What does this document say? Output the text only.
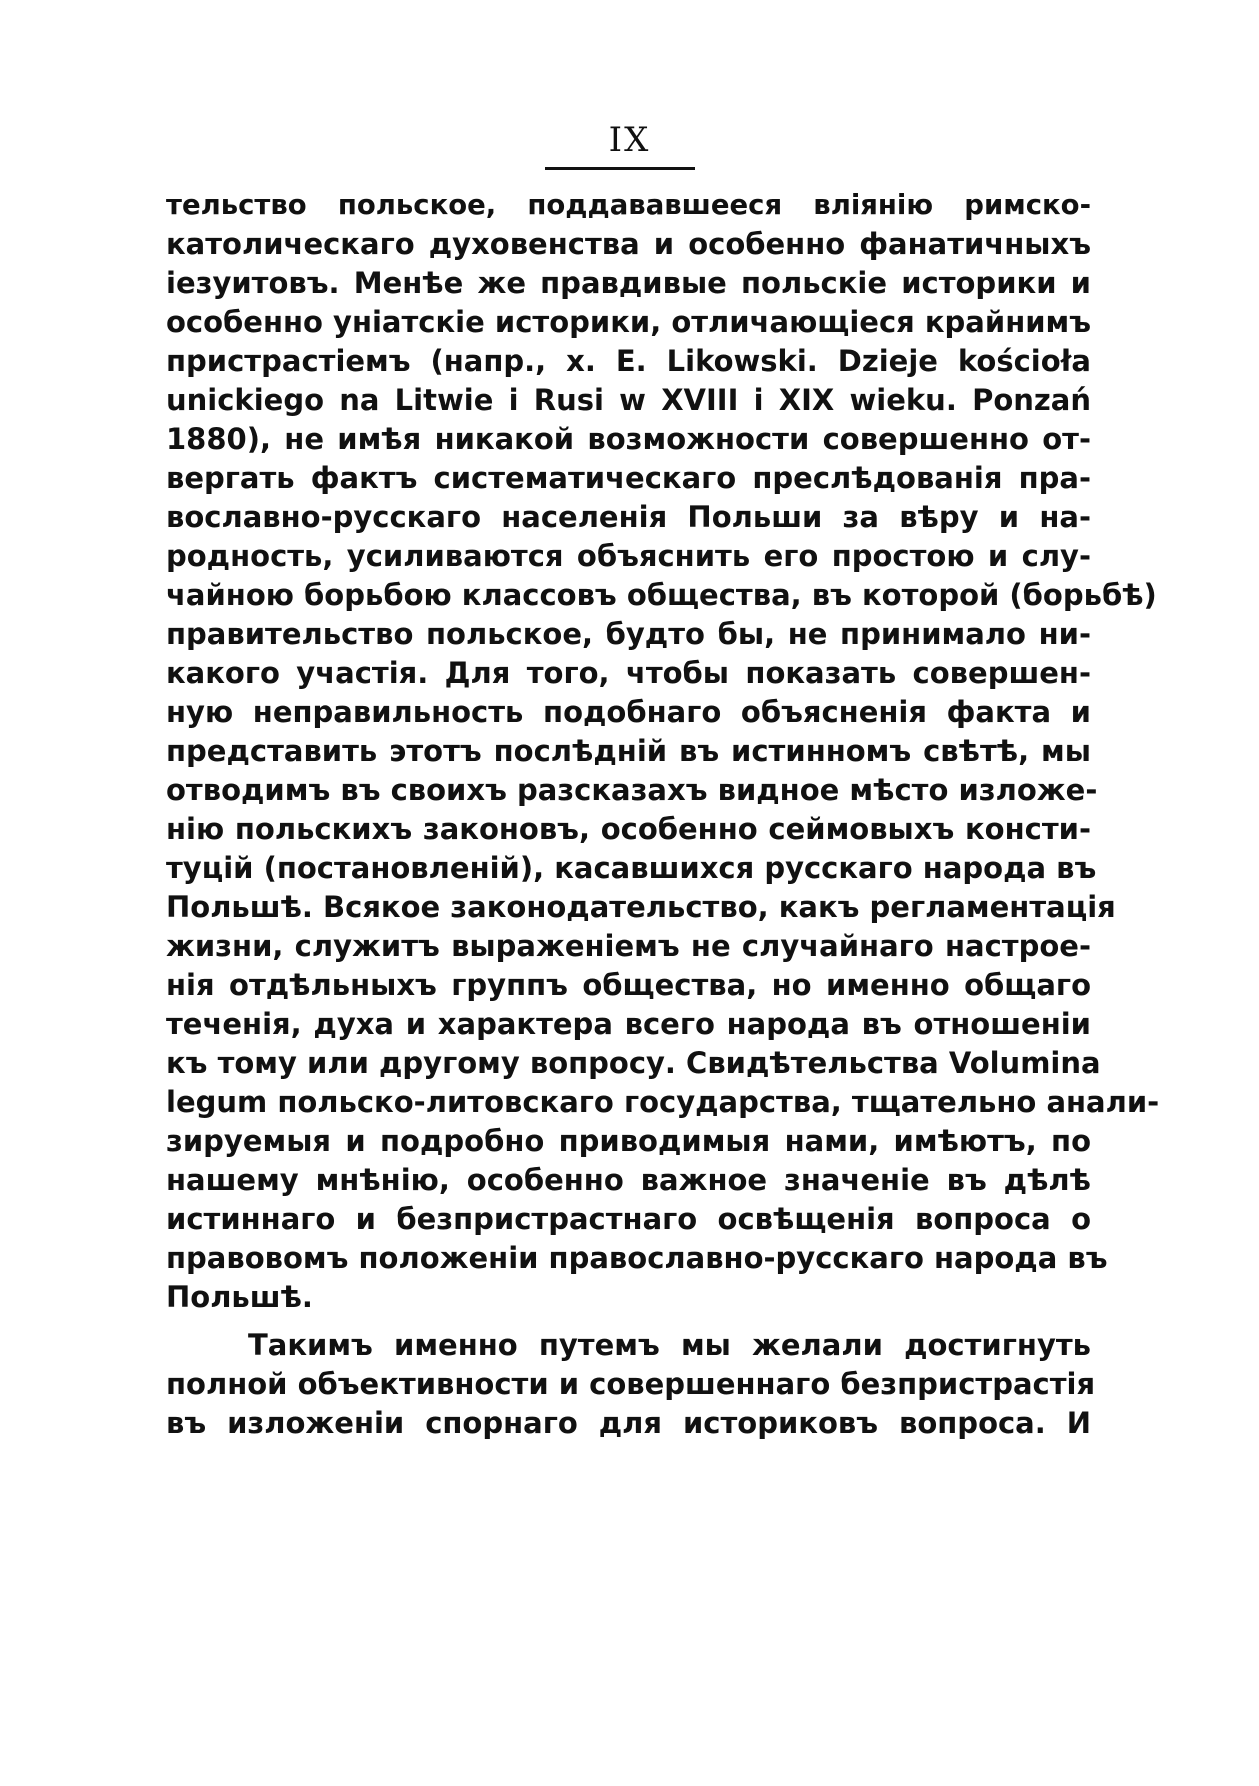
IX
тельство польское, поддававшееся вліянію римско-
католическаго духовенства и особенно фанатичныхъ
іезуитовъ. Менѣе же правдивые польскіе историки и
особенно уніатскіе историки, отличающіеся крайнимъ
пристрастіемъ (напр., х. E. Likowski. Dzieje kościoła
unickiego na Litwie i Rusi w XVIII i XIX wieku. Ponzań
1880), не имѣя никакой возможности совершенно от-
вергать фактъ систематическаго преслѣдованія пра-
вославно-русскаго населенія Польши за вѣру и на-
родность, усиливаются объяснить его простою и слу-
чайною борьбою классовъ общества, въ которой (борьбѣ)
правительство польское, будто бы, не принимало ни-
какого участія. Для того, чтобы показать совершен-
ную неправильность подобнаго объясненія факта и
представить этотъ послѣдній въ истинномъ свѣтѣ, мы
отводимъ въ своихъ разсказахъ видное мѣсто изложе-
нію польскихъ законовъ, особенно сеймовыхъ консти-
туцій (постановленій), касавшихся русскаго народа въ
Польшѣ. Всякое законодательство, какъ регламентація
жизни, служитъ выраженіемъ не случайнаго настрое-
нія отдѣльныхъ группъ общества, но именно общаго
теченія, духа и характера всего народа въ отношеніи
къ тому или другому вопросу. Свидѣтельства Volumina
legum польско-литовскаго государства, тщательно анали-
зируемыя и подробно приводимыя нами, имѣютъ, по
нашему мнѣнію, особенно важное значеніе въ дѣлѣ
истиннаго и безпристрастнаго освѣщенія вопроса о
правовомъ положеніи православно-русскаго народа въ
Польшѣ.
Такимъ именно путемъ мы желали достигнуть
полной объективности и совершеннаго безпристрастія
въ изложеніи спорнаго для историковъ вопроса. И
